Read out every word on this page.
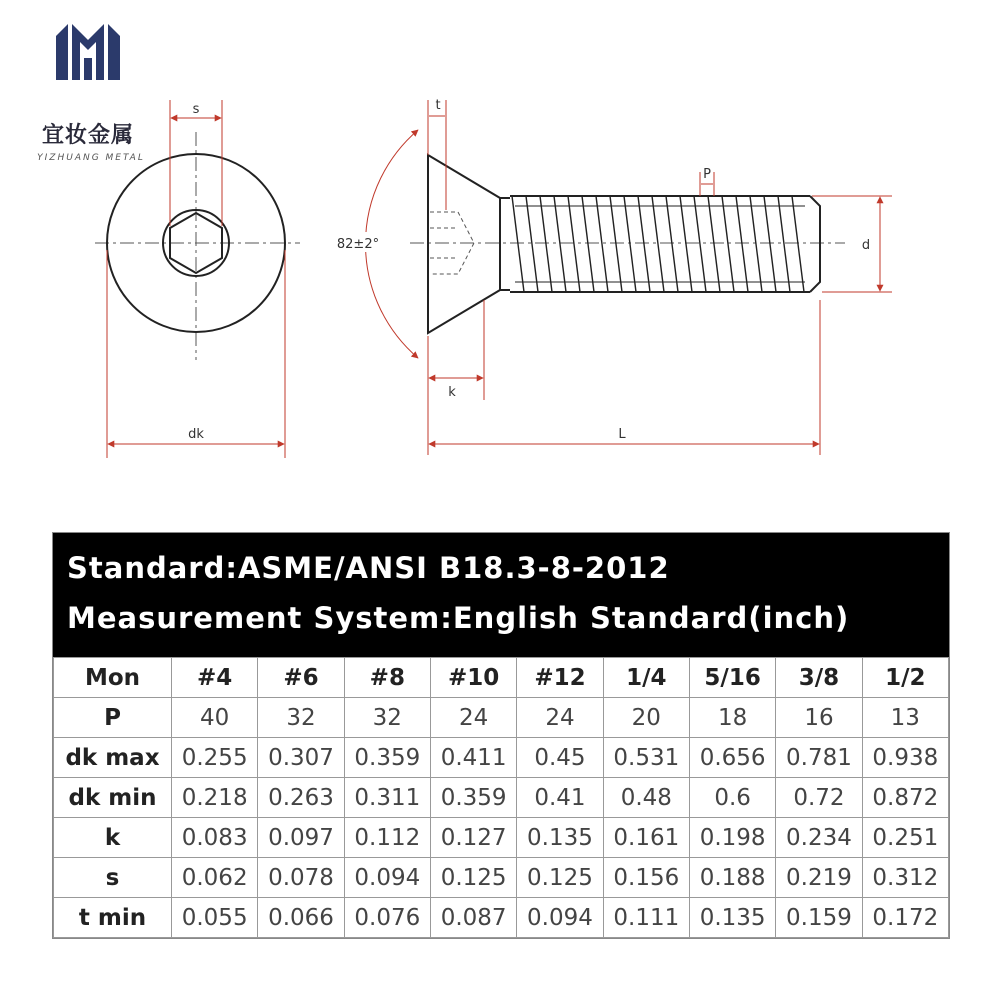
宜妆金属
YIZHUANG METAL
s
dk
t
82±2°
k
L
P
d
Standard:ASME/ANSI B18.3-8-2012
Measurement System:English Standard(inch)
Mon	#4	#6	#8	#10	#12	1/4	5/16	3/8	1/2
P	40	32	32	24	24	20	18	16	13
dk max	0.255	0.307	0.359	0.411	0.45	0.531	0.656	0.781	0.938
dk min	0.218	0.263	0.311	0.359	0.41	0.48	0.6	0.72	0.872
k	0.083	0.097	0.112	0.127	0.135	0.161	0.198	0.234	0.251
s	0.062	0.078	0.094	0.125	0.125	0.156	0.188	0.219	0.312
t min	0.055	0.066	0.076	0.087	0.094	0.111	0.135	0.159	0.172
